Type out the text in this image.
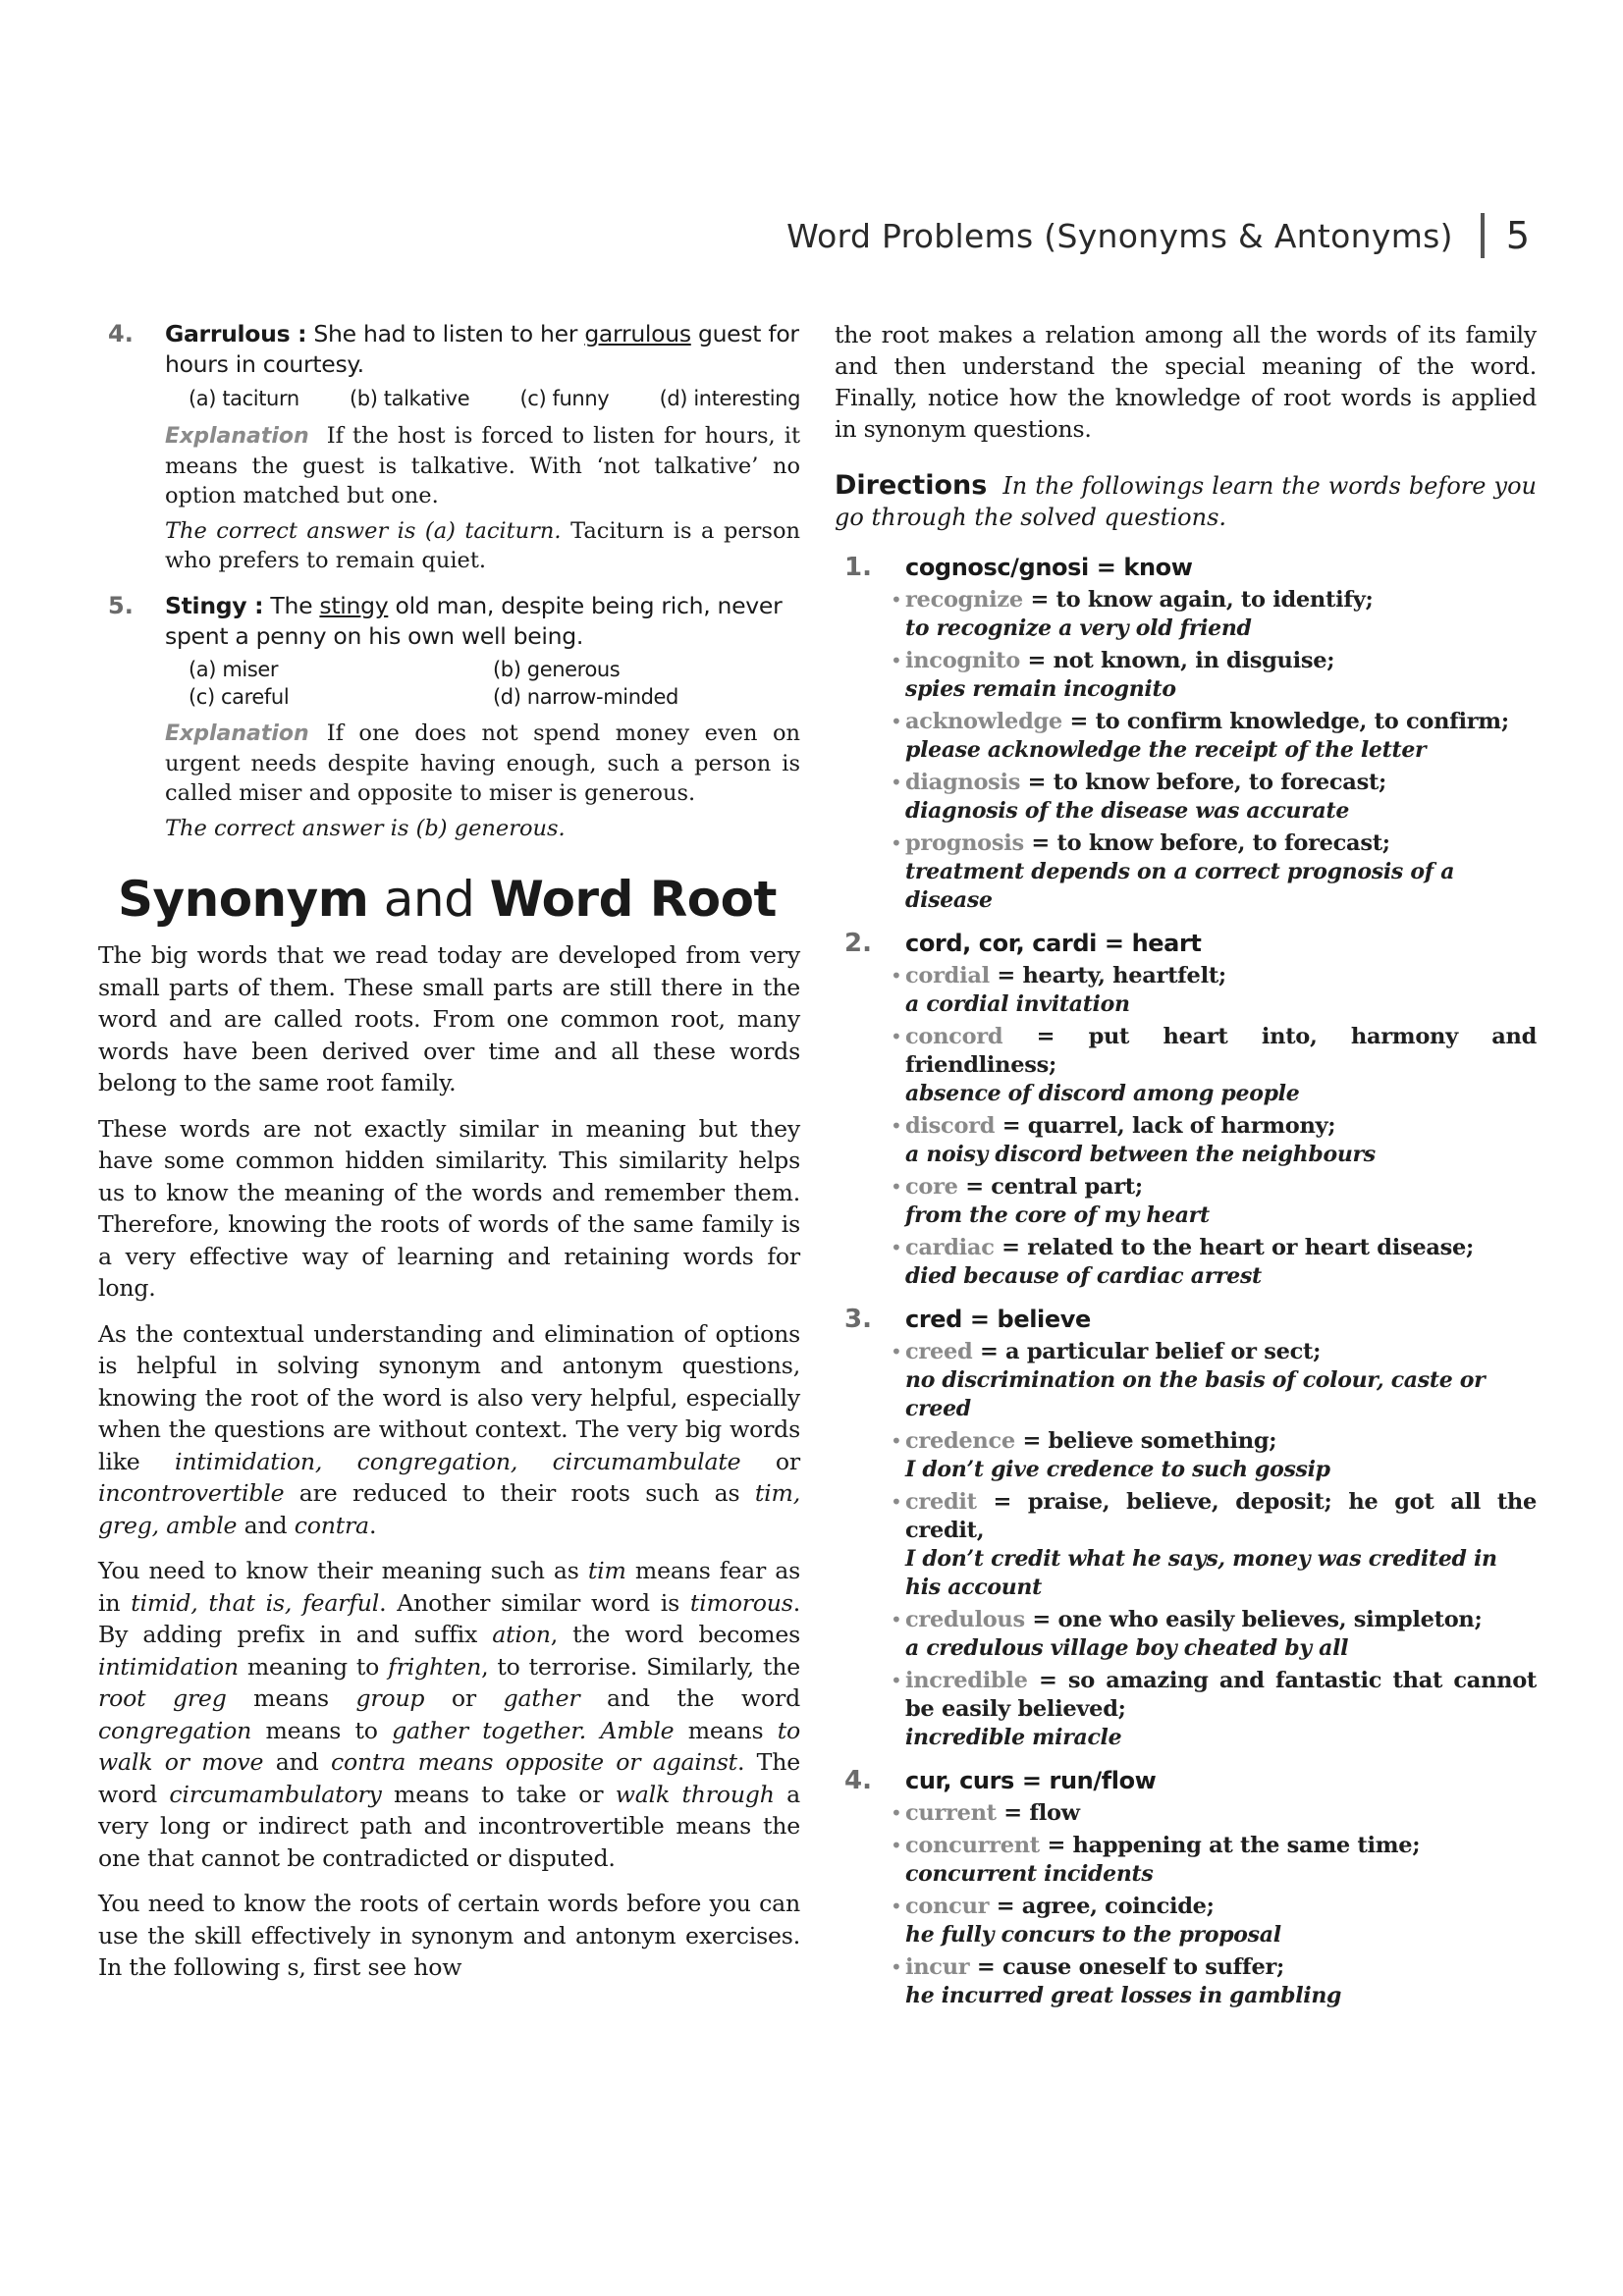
Word Problems (Synonyms & Antonyms) 5
4.	Garrulous : She had to listen to her garrulous guest for hours in courtesy.
(a) taciturn (b) talkative (c) funny (d) interesting
Explanation If the host is forced to listen for hours, it means the guest is talkative. With ‘not talkative’ no option matched but one.
The correct answer is (a) taciturn. Taciturn is a person who prefers to remain quiet.
5.	Stingy : The stingy old man, despite being rich, never spent a penny on his own well being.
(a) miser	(b) generous
(c) careful	(d) narrow-minded
Explanation If one does not spend money even on urgent needs despite having enough, such a person is called miser and opposite to miser is generous.
The correct answer is (b) generous.
Synonym and Word Root

The big words that we read today are developed from very small parts of them. These small parts are still there in the word and are called roots. From one common root, many words have been derived over time and all these words belong to the same root family.

These words are not exactly similar in meaning but they have some common hidden similarity. This similarity helps us to know the meaning of the words and remember them. Therefore, knowing the roots of words of the same family is a very effective way of learning and retaining words for long.

As the contextual understanding and elimination of options is helpful in solving synonym and antonym questions, knowing the root of the word is also very helpful, especially when the questions are without context. The very big words like intimidation, congregation, circumambulate or incontrovertible are reduced to their roots such as tim, greg, amble and contra.

You need to know their meaning such as tim means fear as in timid, that is, fearful. Another similar word is timorous. By adding prefix in and suffix ation, the word becomes intimidation meaning to frighten, to terrorise. Similarly, the root greg means group or gather and the word congregation means to gather together. Amble means to walk or move and contra means opposite or against. The word circumambulatory means to take or walk through a very long or indirect path and incontrovertible means the one that cannot be contradicted or disputed.

You need to know the roots of certain words before you can use the skill effectively in synonym and antonym exercises. In the following s, first see how

the root makes a relation among all the words of its family and then understand the special meaning of the word. Finally, notice how the knowledge of root words is applied in synonym questions.

Directions In the followings learn the words before you go through the solved questions.
1.	cognosc/gnosi = know
• recognize = to know again, to identify;
to recognize a very old friend
• incognito = not known, in disguise;
spies remain incognito
• acknowledge = to confirm knowledge, to confirm;
please acknowledge the receipt of the letter
• diagnosis = to know before, to forecast;
diagnosis of the disease was accurate
• prognosis = to know before, to forecast;
treatment depends on a correct prognosis of a disease
2.	cord, cor, cardi = heart
• cordial = hearty, heartfelt;
a cordial invitation
• concord = put heart into, harmony and friendliness;
absence of discord among people
• discord = quarrel, lack of harmony;
a noisy discord between the neighbours
• core = central part;
from the core of my heart
• cardiac = related to the heart or heart disease;
died because of cardiac arrest
3.	cred = believe
• creed = a particular belief or sect;
no discrimination on the basis of colour, caste or creed
• credence = believe something;
I don’t give credence to such gossip
• credit = praise, believe, deposit; he got all the credit,
I don’t credit what he says, money was credited in his account
• credulous = one who easily believes, simpleton;
a credulous village boy cheated by all
• incredible = so amazing and fantastic that cannot be easily believed;
incredible miracle
4.	cur, curs = run/flow
• current = flow
• concurrent = happening at the same time;
concurrent incidents
• concur = agree, coincide;
he fully concurs to the proposal
• incur = cause oneself to suffer;
he incurred great losses in gambling
